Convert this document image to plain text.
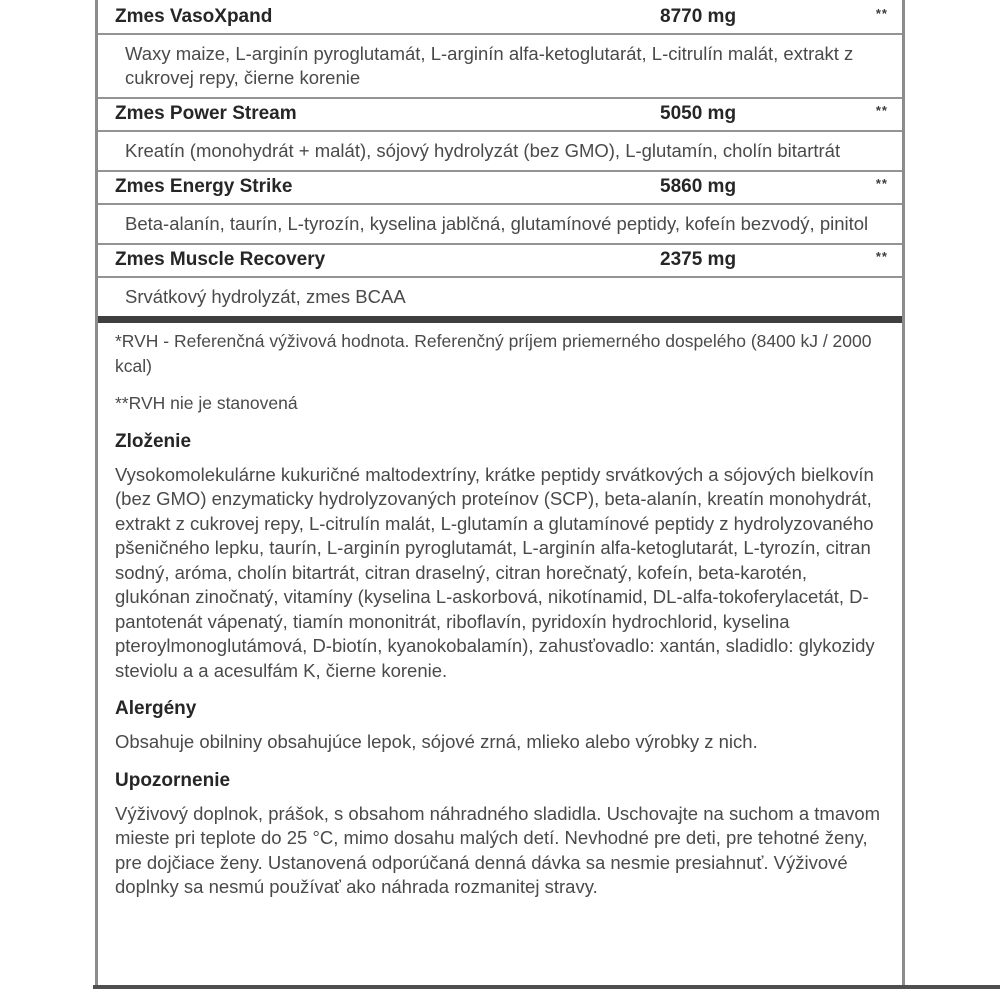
Zmes VasoXpand	8770 mg	**
Waxy maize, L-arginín pyroglutamát, L-arginín alfa-ketoglutarát, L-citrulín malát, extrakt z cukrovej repy, čierne korenie
Zmes Power Stream	5050 mg	**
Kreatín (monohydrát + malát), sójový hydrolyzát (bez GMO), L-glutamín, cholín bitartrát
Zmes Energy Strike	5860 mg	**
Beta-alanín, taurín, L-tyrozín, kyselina jablčná, glutamínové peptidy, kofeín bezvodý, pinitol
Zmes Muscle Recovery	2375 mg	**
Srvátkový hydrolyzát, zmes BCAA

*RVH - Referenčná výživová hodnota. Referenčný príjem priemerného dospelého (8400 kJ / 2000 kcal)

**RVH nie je stanovená

Zloženie

Vysokomolekulárne kukuričné maltodextríny, krátke peptidy srvátkových a sójových bielkovín (bez GMO) enzymaticky hydrolyzovaných proteínov (SCP), beta-alanín, kreatín monohydrát, extrakt z cukrovej repy, L-citrulín malát, L-glutamín a glutamínové peptidy z hydrolyzovaného pšeničného lepku, taurín, L-arginín pyroglutamát, L-arginín alfa-ketoglutarát, L-tyrozín, citran sodný, aróma, cholín bitartrát, citran draselný, citran horečnatý, kofeín, beta-karotén, glukónan zinočnatý, vitamíny (kyselina L-askorbová, nikotínamid, DL-alfa-tokoferylacetát, D-pantotenát vápenatý, tiamín mononitrát, riboflavín, pyridoxín hydrochlorid, kyselina pteroylmonoglutámová, D-biotín, kyanokobalamín), zahusťovadlo: xantán, sladidlo: glykozidy steviolu a a acesulfám K, čierne korenie.

Alergény

Obsahuje obilniny obsahujúce lepok, sójové zrná, mlieko alebo výrobky z nich.

Upozornenie

Výživový doplnok, prášok, s obsahom náhradného sladidla. Uschovajte na suchom a tmavom mieste pri teplote do 25 °C, mimo dosahu malých detí. Nevhodné pre deti, pre tehotné ženy, pre dojčiace ženy. Ustanovená odporúčaná denná dávka sa nesmie presiahnuť. Výživové doplnky sa nesmú používať ako náhrada rozmanitej stravy.
